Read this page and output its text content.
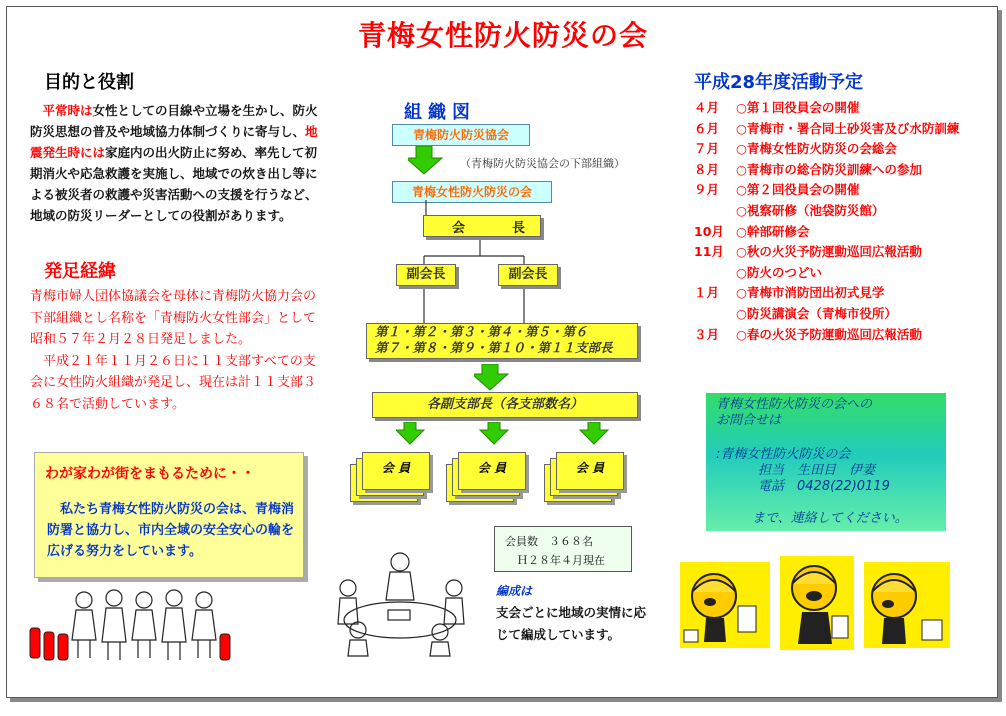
青梅女性防火防災の会
目的と役割
平常時は女性としての目線や立場を生かし、防火防災思想の普及や地域協力体制づくりに寄与し、地震発生時には家庭内の出火防止に努め、率先して初期消火や応急救護を実施し、地域での炊き出し等による被災者の救護や災害活動への支援を行うなど、地域の防災リーダーとしての役割があります。
発足経緯

青梅市婦人団体協議会を母体に青梅防火協力会の下部組織とし名称を「青梅防火女性部会」として昭和５７年２月２８日発足しました。

平成２１年１１月２６日に１１支部すべての支会に女性防火組織が発足し、現在は計１１支部３６８名で活動しています。

わが家わが街をまもるために・・
私たち青梅女性防火防災の会は、青梅消防署と協力し、市内全域の安全安心の輪を広げる努力をしています。
組織図
青梅防火防災協会
（青梅防火防災協会の下部組織）
青梅女性防火防災の会
会	長
副会長	副会長
第１・第２・第３・第４・第５・第６
第７・第８・第９・第１０・第１１支部長
各副支部長（各支部数名）
会 員	会 員	会 員
会員数　３６８名
Ｈ２８年４月現在
編成は
支会ごとに地域の実情に応じて編成しています。
平成28年度活動予定
４月	○第１回役員会の開催
６月	○青梅市・署合同土砂災害及び水防訓練
７月	○青梅女性防火防災の会総会
８月	○青梅市の総合防災訓練への参加
９月	○第２回役員会の開催
○視察研修（池袋防災館）
10月 ○幹部研修会
11月 ○秋の火災予防運動巡回広報活動
○防火のつどい
１月	○青梅市消防団出初式見学
○防災講演会（青梅市役所）
３月	○春の火災予防運動巡回広報活動
青梅女性防火防災の会への
お問合せは
:青梅女性防火防災の会
担当　生田目　伊妻
電話　0428(22)0119
まで、連絡してください。
